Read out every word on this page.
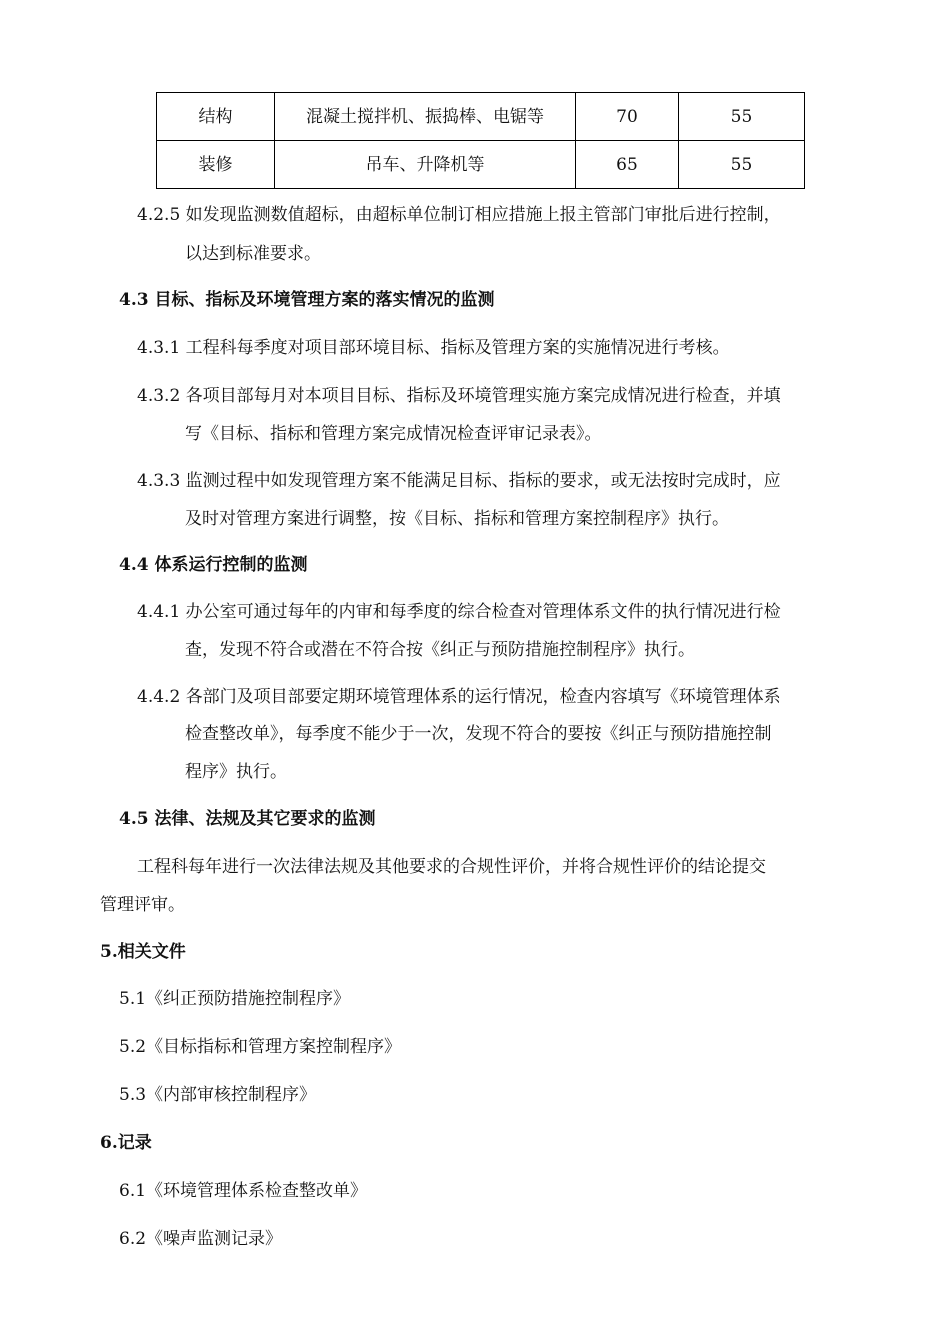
结构	混凝土搅拌机、振捣棒、电锯等	70	55
装修	吊车、升降机等	65	55
4.2.5 如发现监测数值超标，由超标单位制订相应措施上报主管部门审批后进行控制，
以达到标准要求。
4.3 目标、指标及环境管理方案的落实情况的监测
4.3.1 工程科每季度对项目部环境目标、指标及管理方案的实施情况进行考核。
4.3.2 各项目部每月对本项目目标、指标及环境管理实施方案完成情况进行检查，并填
写《目标、指标和管理方案完成情况检查评审记录表》。
4.3.3 监测过程中如发现管理方案不能满足目标、指标的要求，或无法按时完成时，应
及时对管理方案进行调整，按《目标、指标和管理方案控制程序》执行。
4.4 体系运行控制的监测
4.4.1 办公室可通过每年的内审和每季度的综合检查对管理体系文件的执行情况进行检
查，发现不符合或潜在不符合按《纠正与预防措施控制程序》执行。
4.4.2 各部门及项目部要定期环境管理体系的运行情况，检查内容填写《环境管理体系
检查整改单》，每季度不能少于一次，发现不符合的要按《纠正与预防措施控制
程序》执行。
4.5 法律、法规及其它要求的监测
工程科每年进行一次法律法规及其他要求的合规性评价，并将合规性评价的结论提交
管理评审。
5.相关文件
5.1《纠正预防措施控制程序》
5.2《目标指标和管理方案控制程序》
5.3《内部审核控制程序》
6.记录
6.1《环境管理体系检查整改单》
6.2《噪声监测记录》
